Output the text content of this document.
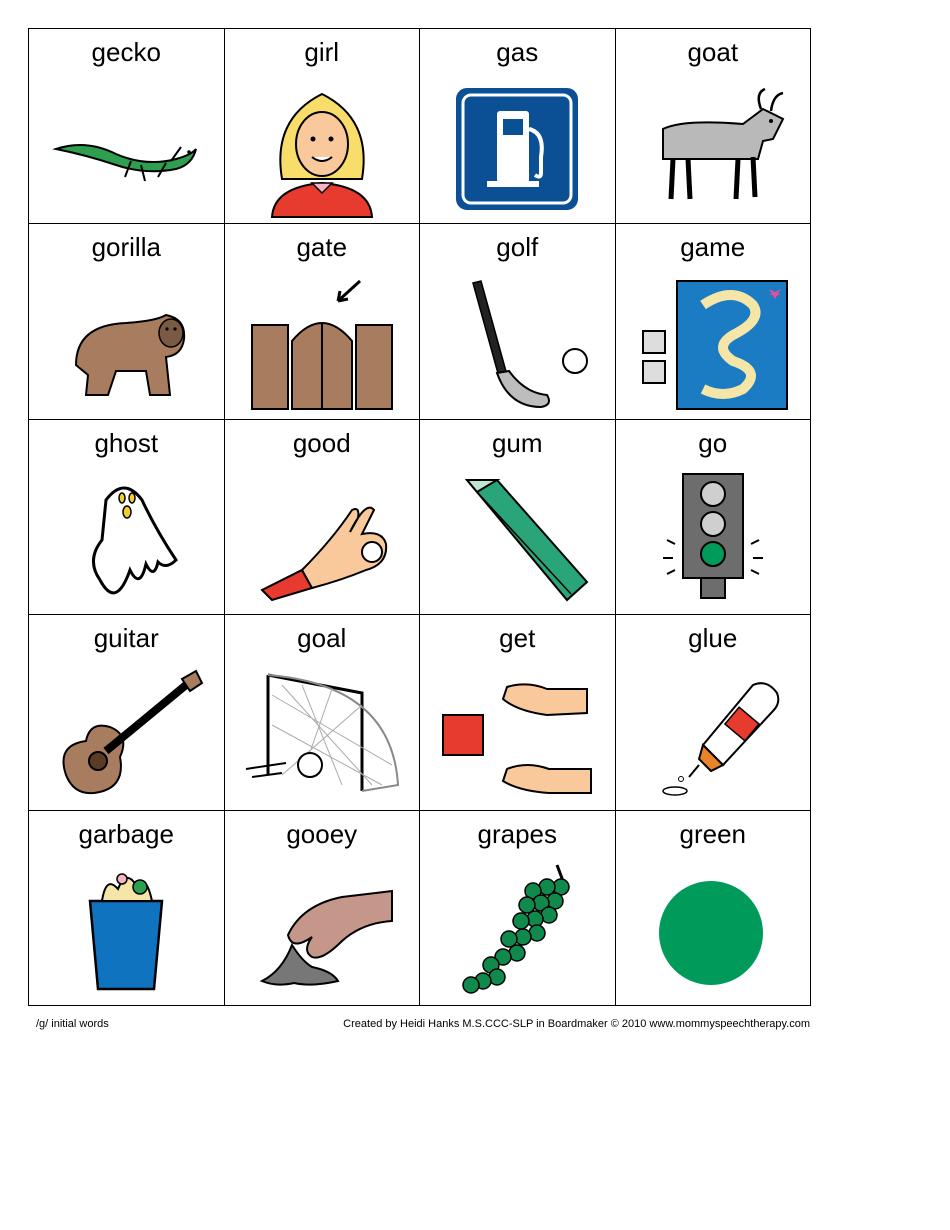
gecko	girl	gas	goat
gorilla	gate	golf	game
ghost	good	gum	go
guitar	goal	get	glue
garbage	gooey	grapes	green
/g/ initial words	Created by Heidi Hanks M.S.CCC-SLP in Boardmaker © 2010 www.mommyspeechtherapy.com
